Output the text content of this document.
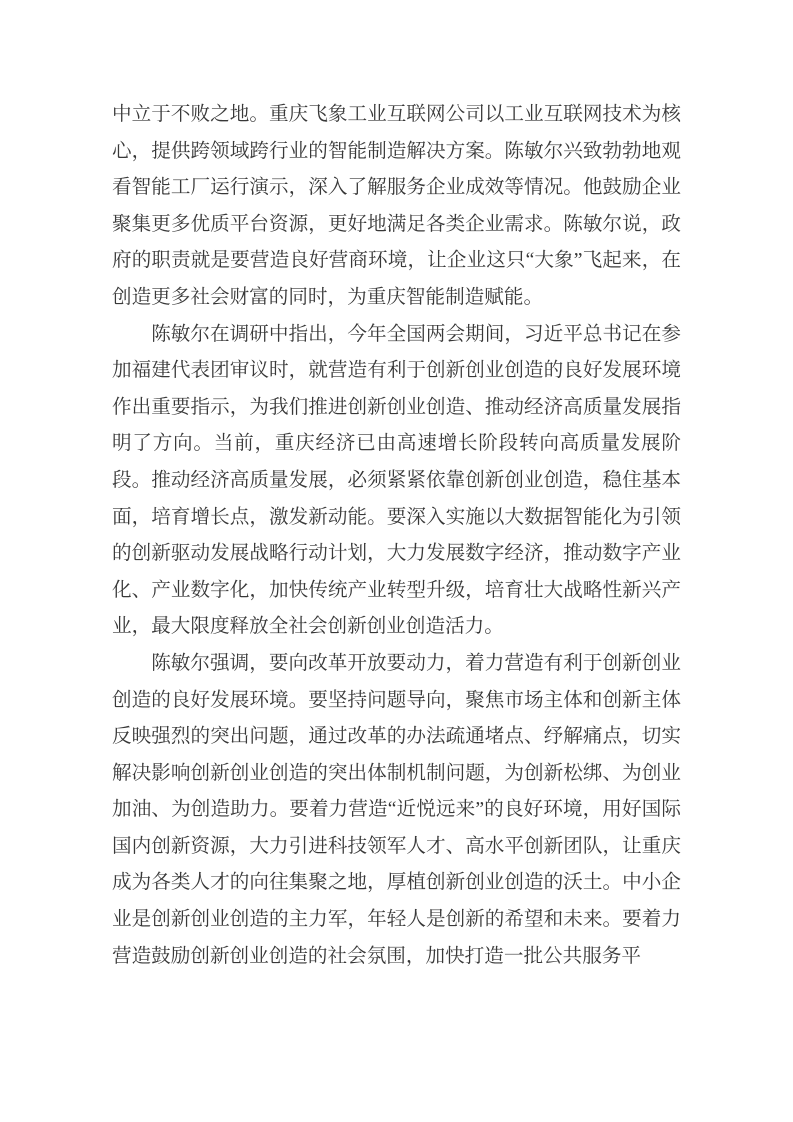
中立于不败之地。重庆飞象工业互联网公司以工业互联网技术为核心，提供跨领域跨行业的智能制造解决方案。陈敏尔兴致勃勃地观看智能工厂运行演示，深入了解服务企业成效等情况。他鼓励企业聚集更多优质平台资源，更好地满足各类企业需求。陈敏尔说，政府的职责就是要营造良好营商环境，让企业这只“大象”飞起来，在创造更多社会财富的同时，为重庆智能制造赋能。

陈敏尔在调研中指出，今年全国两会期间，习近平总书记在参加福建代表团审议时，就营造有利于创新创业创造的良好发展环境作出重要指示，为我们推进创新创业创造、推动经济高质量发展指明了方向。当前，重庆经济已由高速增长阶段转向高质量发展阶段。推动经济高质量发展，必须紧紧依靠创新创业创造，稳住基本面，培育增长点，激发新动能。要深入实施以大数据智能化为引领的创新驱动发展战略行动计划，大力发展数字经济，推动数字产业化、产业数字化，加快传统产业转型升级，培育壮大战略性新兴产业，最大限度释放全社会创新创业创造活力。

陈敏尔强调，要向改革开放要动力，着力营造有利于创新创业创造的良好发展环境。要坚持问题导向，聚焦市场主体和创新主体反映强烈的突出问题，通过改革的办法疏通堵点、纾解痛点，切实解决影响创新创业创造的突出体制机制问题，为创新松绑、为创业加油、为创造助力。要着力营造“近悦远来”的良好环境，用好国际国内创新资源，大力引进科技领军人才、高水平创新团队，让重庆成为各类人才的向往集聚之地，厚植创新创业创造的沃土。中小企业是创新创业创造的主力军，年轻人是创新的希望和未来。要着力营造鼓励创新创业创造的社会氛围，加快打造一批公共服务平
